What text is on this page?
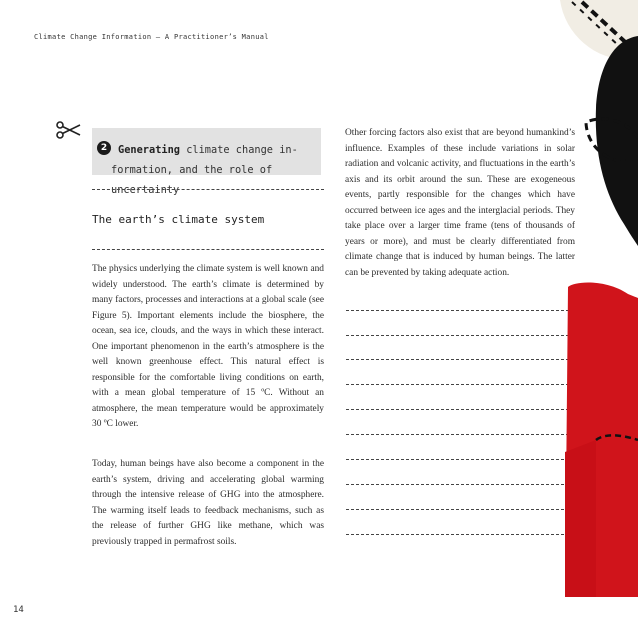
Climate Change Information – A Practitioner’s Manual
2	Generating climate change in-
formation, and the role of uncertainty
The earth’s climate system

The physics underlying the climate system is well known and widely understood. The earth’s climate is determined by many factors, processes and interactions at a global scale (see Figure 5). Important elements include the biosphere, the ocean, sea ice, clouds, and the ways in which these interact. One important phenomenon in the earth’s atmosphere is the well known greenhouse effect. This natural effect is responsible for the comfortable living conditions on earth, with a mean global temperature of 15 ºC. Without an atmosphere, the mean temperature would be approximately 30 ºC lower.

Today, human beings have also become a component in the earth’s system, driving and accelerating global warming through the intensive release of GHG into the atmosphere. The warming itself leads to feedback mechanisms, such as the release of further GHG like methane, which was previously trapped in permafrost soils.

Other forcing factors also exist that are beyond humankind’s influence. Examples of these include variations in solar radiation and volcanic activity, and fluctuations in the earth’s axis and its orbit around the sun. These are exogeneous events, partly responsible for the changes which have occurred between ice ages and the interglacial periods. They take place over a larger time frame (tens of thousands of years or more), and must be clearly differentiated from climate change that is induced by human beings. The latter can be prevented by taking adequate action.

14
